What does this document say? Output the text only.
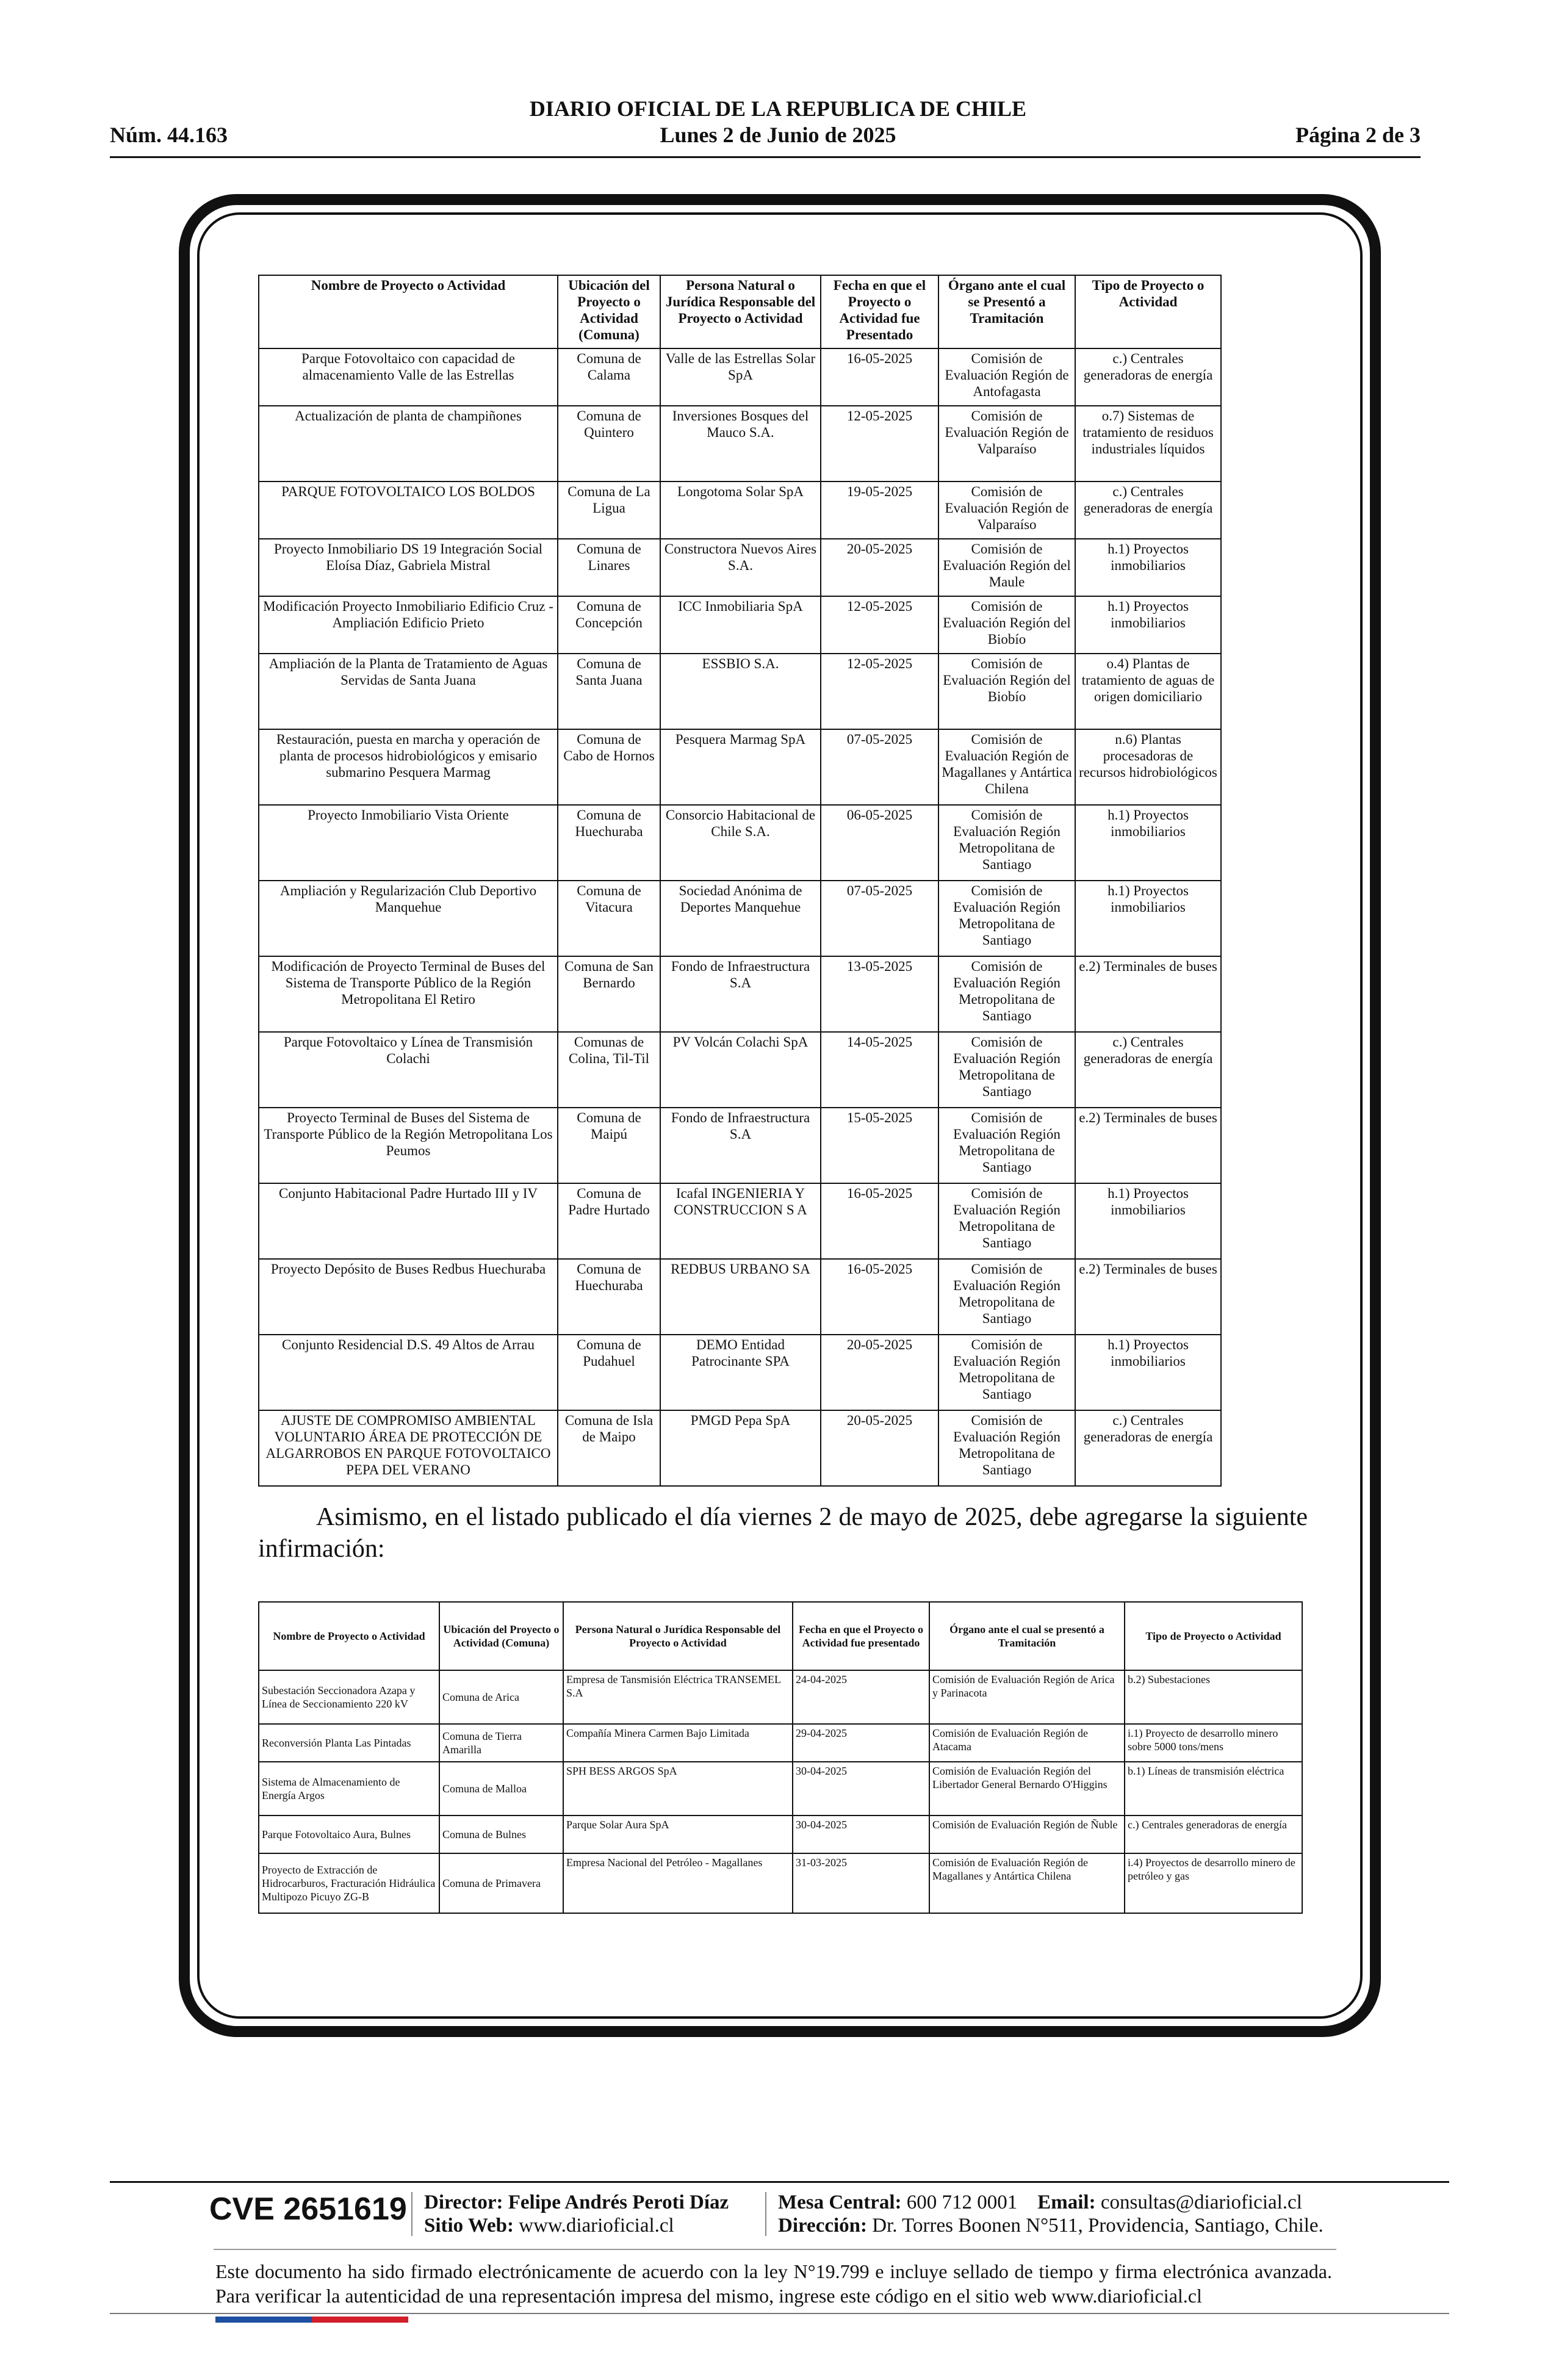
DIARIO OFICIAL DE LA REPUBLICA DE CHILE
Núm. 44.163	Lunes 2 de Junio de 2025	Página 2 de 3
Nombre de Proyecto o Actividad	Ubicación del Proyecto o Actividad (Comuna)	Persona Natural o Jurídica Responsable del Proyecto o Actividad	Fecha en que el Proyecto o Actividad fue Presentado	Órgano ante el cual se Presentó a Tramitación	Tipo de Proyecto o Actividad
Parque Fotovoltaico con capacidad de almacenamiento Valle de las Estrellas	Comuna de Calama	Valle de las Estrellas Solar SpA	16-05-2025	Comisión de Evaluación Región de Antofagasta	c.) Centrales generadoras de energía
Actualización de planta de champiñones	Comuna de Quintero	Inversiones Bosques del Mauco S.A.	12-05-2025	Comisión de Evaluación Región de Valparaíso	o.7) Sistemas de tratamiento de residuos industriales líquidos
PARQUE FOTOVOLTAICO LOS BOLDOS	Comuna de La Ligua	Longotoma Solar SpA	19-05-2025	Comisión de Evaluación Región de Valparaíso	c.) Centrales generadoras de energía
Proyecto Inmobiliario DS 19 Integración Social Eloísa Díaz, Gabriela Mistral	Comuna de Linares	Constructora Nuevos Aires S.A.	20-05-2025	Comisión de Evaluación Región del Maule	h.1) Proyectos inmobiliarios
Modificación Proyecto Inmobiliario Edificio Cruz - Ampliación Edificio Prieto	Comuna de Concepción	ICC Inmobiliaria SpA	12-05-2025	Comisión de Evaluación Región del Biobío	h.1) Proyectos inmobiliarios
Ampliación de la Planta de Tratamiento de Aguas Servidas de Santa Juana	Comuna de Santa Juana	ESSBIO S.A.	12-05-2025	Comisión de Evaluación Región del Biobío	o.4) Plantas de tratamiento de aguas de origen domiciliario
Restauración, puesta en marcha y operación de planta de procesos hidrobiológicos y emisario submarino Pesquera Marmag	Comuna de Cabo de Hornos	Pesquera Marmag SpA	07-05-2025	Comisión de Evaluación Región de Magallanes y Antártica Chilena	n.6) Plantas procesadoras de recursos hidrobiológicos
Proyecto Inmobiliario Vista Oriente	Comuna de Huechuraba	Consorcio Habitacional de Chile S.A.	06-05-2025	Comisión de Evaluación Región Metropolitana de Santiago	h.1) Proyectos inmobiliarios
Ampliación y Regularización Club Deportivo Manquehue	Comuna de Vitacura	Sociedad Anónima de Deportes Manquehue	07-05-2025	Comisión de Evaluación Región Metropolitana de Santiago	h.1) Proyectos inmobiliarios
Modificación de Proyecto Terminal de Buses del Sistema de Transporte Público de la Región Metropolitana El Retiro	Comuna de San Bernardo	Fondo de Infraestructura S.A	13-05-2025	Comisión de Evaluación Región Metropolitana de Santiago	e.2) Terminales de buses
Parque Fotovoltaico y Línea de Transmisión Colachi	Comunas de Colina, Til-Til	PV Volcán Colachi SpA	14-05-2025	Comisión de Evaluación Región Metropolitana de Santiago	c.) Centrales generadoras de energía
Proyecto Terminal de Buses del Sistema de Transporte Público de la Región Metropolitana Los Peumos	Comuna de Maipú	Fondo de Infraestructura S.A	15-05-2025	Comisión de Evaluación Región Metropolitana de Santiago	e.2) Terminales de buses
Conjunto Habitacional Padre Hurtado III y IV	Comuna de Padre Hurtado	Icafal INGENIERIA Y CONSTRUCCION S A	16-05-2025	Comisión de Evaluación Región Metropolitana de Santiago	h.1) Proyectos inmobiliarios
Proyecto Depósito de Buses Redbus Huechuraba	Comuna de Huechuraba	REDBUS URBANO SA	16-05-2025	Comisión de Evaluación Región Metropolitana de Santiago	e.2) Terminales de buses
Conjunto Residencial D.S. 49 Altos de Arrau	Comuna de Pudahuel	DEMO Entidad Patrocinante SPA	20-05-2025	Comisión de Evaluación Región Metropolitana de Santiago	h.1) Proyectos inmobiliarios
AJUSTE DE COMPROMISO AMBIENTAL VOLUNTARIO ÁREA DE PROTECCIÓN DE ALGARROBOS EN PARQUE FOTOVOLTAICO PEPA DEL VERANO	Comuna de Isla de Maipo	PMGD Pepa SpA	20-05-2025	Comisión de Evaluación Región Metropolitana de Santiago	c.) Centrales generadoras de energía
Asimismo, en el listado publicado el día viernes 2 de mayo de 2025, debe agregarse la siguiente infirmación:
Nombre de Proyecto o Actividad	Ubicación del Proyecto o Actividad (Comuna)	Persona Natural o Jurídica Responsable del Proyecto o Actividad	Fecha en que el Proyecto o Actividad fue presentado	Órgano ante el cual se presentó a Tramitación	Tipo de Proyecto o Actividad
Subestación Seccionadora Azapa y Línea de Seccionamiento 220 kV	Comuna de Arica	Empresa de Tansmisión Eléctrica TRANSEMEL S.A	24-04-2025	Comisión de Evaluación Región de Arica y Parinacota	b.2) Subestaciones
Reconversión Planta Las Pintadas	Comuna de Tierra Amarilla	Compañía Minera Carmen Bajo Limitada	29-04-2025	Comisión de Evaluación Región de Atacama	i.1) Proyecto de desarrollo minero sobre 5000 tons/mens
Sistema de Almacenamiento de Energía Argos	Comuna de Malloa	SPH BESS ARGOS SpA	30-04-2025	Comisión de Evaluación Región del Libertador General Bernardo O'Higgins	b.1) Líneas de transmisión eléctrica
Parque Fotovoltaico Aura, Bulnes	Comuna de Bulnes	Parque Solar Aura SpA	30-04-2025	Comisión de Evaluación Región de Ñuble	c.) Centrales generadoras de energía
Proyecto de Extracción de Hidrocarburos, Fracturación Hidráulica Multipozo Picuyo ZG-B	Comuna de Primavera	Empresa Nacional del Petróleo - Magallanes	31-03-2025	Comisión de Evaluación Región de Magallanes y Antártica Chilena	i.4) Proyectos de desarrollo minero de petróleo y gas
CVE 2651619 Director: Felipe Andrés Peroti Díaz
Sitio Web: www.diarioficial.cl
Mesa Central: 600 712 0001 Email: consultas@diarioficial.cl
Dirección: Dr. Torres Boonen N°511, Providencia, Santiago, Chile.
Este documento ha sido firmado electrónicamente de acuerdo con la ley N°19.799 e incluye sellado de tiempo y firma electrónica avanzada. Para verificar la autenticidad de una representación impresa del mismo, ingrese este código en el sitio web www.diarioficial.cl
